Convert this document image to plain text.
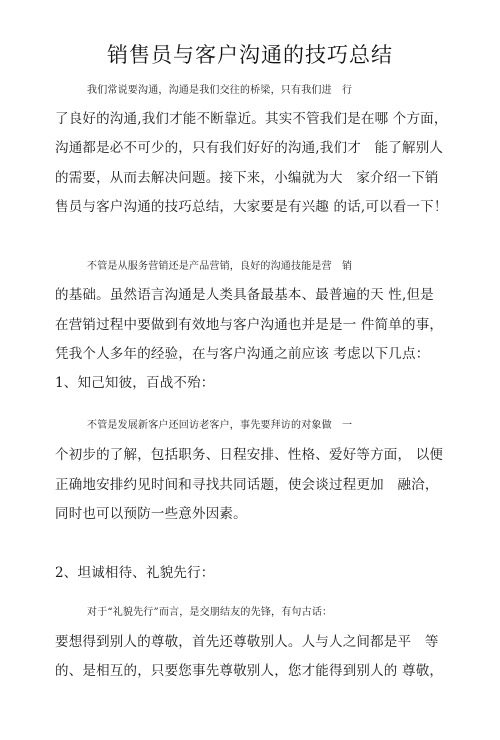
销售员与客户沟通的技巧总结
我们常说要沟通，沟通是我们交往的桥梁，只有我们进　行
了良好的沟通,我们才能不断靠近。其实不管我们是在哪 个方面，
沟通都是必不可少的，只有我们好好的沟通,我们才　能了解别人
的需要，从而去解决问题。接下来，小编就为大　家介绍一下销
售员与客户沟通的技巧总结，大家要是有兴趣 的话,可以看一下！
不管是从服务营销还是产品营销，良好的沟通技能是营　销
的基础。虽然语言沟通是人类具备最基本、最普遍的天 性,但是
在营销过程中要做到有效地与客户沟通也并是是一 件简单的事，
凭我个人多年的经验，在与客户沟通之前应该 考虑以下几点：
1、知己知彼，百战不殆：
不管是发展新客户还回访老客户，事先要拜访的对象做　一
个初步的了解，包括职务、日程安排、性格、爱好等方面， 以便
正确地安排约见时间和寻找共同话题，使会谈过程更加　融洽，
同时也可以预防一些意外因素。
2、坦诚相待、礼貌先行：
对于“礼貌先行”而言，是交朋结友的先锋，有句古话：
要想得到别人的尊敬，首先还尊敬别人。人与人之间都是平　等
的、是相互的，只要您事先尊敬别人，您才能得到别人的 尊敬，
